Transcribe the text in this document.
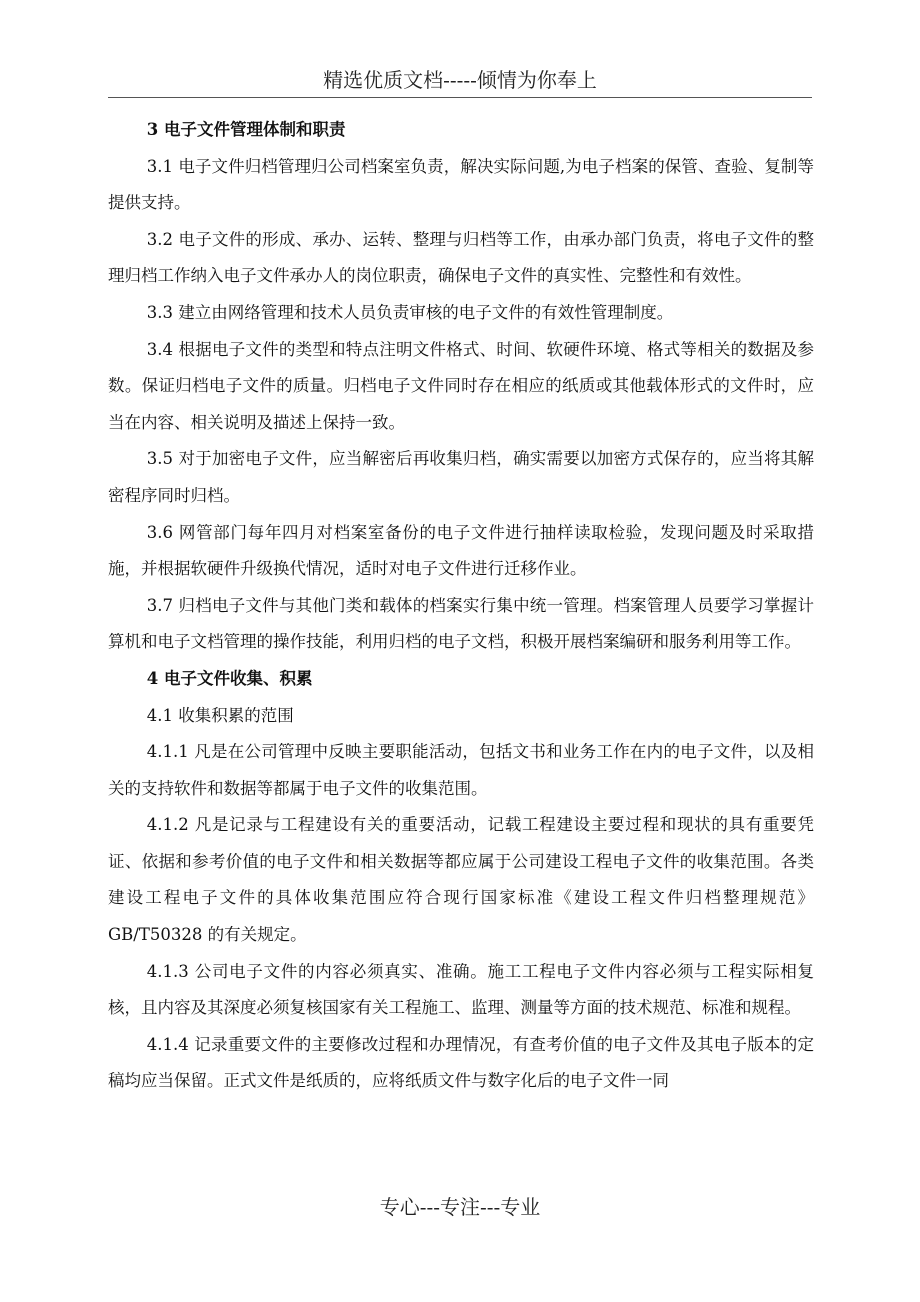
精选优质文档-----倾情为你奉上

3 电子文件管理体制和职责

3.1 电子文件归档管理归公司档案室负责，解决实际问题,为电子档案的保管、查验、复制等提供支持。

3.2 电子文件的形成、承办、运转、整理与归档等工作，由承办部门负责，将电子文件的整理归档工作纳入电子文件承办人的岗位职责，确保电子文件的真实性、完整性和有效性。

3.3 建立由网络管理和技术人员负责审核的电子文件的有效性管理制度。

3.4 根据电子文件的类型和特点注明文件格式、时间、软硬件环境、格式等相关的数据及参数。保证归档电子文件的质量。归档电子文件同时存在相应的纸质或其他载体形式的文件时，应当在内容、相关说明及描述上保持一致。

3.5 对于加密电子文件，应当解密后再收集归档，确实需要以加密方式保存的，应当将其解密程序同时归档。

3.6 网管部门每年四月对档案室备份的电子文件进行抽样读取检验，发现问题及时采取措施，并根据软硬件升级换代情况，适时对电子文件进行迁移作业。

3.7 归档电子文件与其他门类和载体的档案实行集中统一管理。档案管理人员要学习掌握计算机和电子文档管理的操作技能，利用归档的电子文档，积极开展档案编研和服务利用等工作。

4 电子文件收集、积累

4.1 收集积累的范围

4.1.1 凡是在公司管理中反映主要职能活动，包括文书和业务工作在内的电子文件，以及相关的支持软件和数据等都属于电子文件的收集范围。

4.1.2 凡是记录与工程建设有关的重要活动，记载工程建设主要过程和现状的具有重要凭证、依据和参考价值的电子文件和相关数据等都应属于公司建设工程电子文件的收集范围。各类建设工程电子文件的具体收集范围应符合现行国家标准《建设工程文件归档整理规范》GB/T50328 的有关规定。

4.1.3 公司电子文件的内容必须真实、准确。施工工程电子文件内容必须与工程实际相复核，且内容及其深度必须复核国家有关工程施工、监理、测量等方面的技术规范、标准和规程。

4.1.4 记录重要文件的主要修改过程和办理情况，有查考价值的电子文件及其电子版本的定稿均应当保留。正式文件是纸质的，应将纸质文件与数字化后的电子文件一同

专心---专注---专业
